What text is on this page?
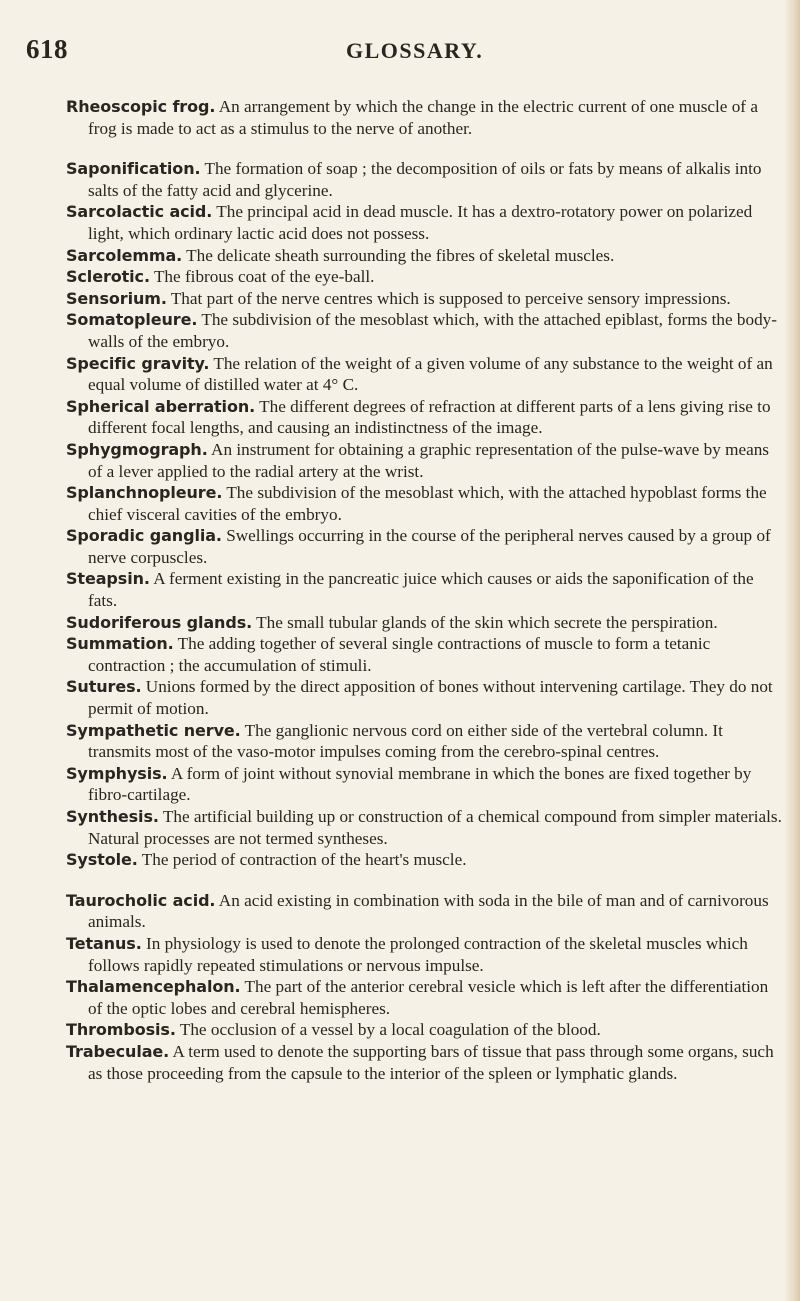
618	GLOSSARY.

Rheoscopic frog. An arrangement by which the change in the electric current of one muscle of a frog is made to act as a stimulus to the nerve of another.

Saponification. The formation of soap ; the decomposition of oils or fats by means of alkalis into salts of the fatty acid and glycerine.

Sarcolactic acid. The principal acid in dead muscle. It has a dextro-rotatory power on polarized light, which ordinary lactic acid does not possess.

Sarcolemma. The delicate sheath surrounding the fibres of skeletal muscles.

Sclerotic. The fibrous coat of the eye-ball.

Sensorium. That part of the nerve centres which is supposed to perceive sensory impressions.

Somatopleure. The subdivision of the mesoblast which, with the attached epiblast, forms the body-walls of the embryo.

Specific gravity. The relation of the weight of a given volume of any substance to the weight of an equal volume of distilled water at 4° C.

Spherical aberration. The different degrees of refraction at different parts of a lens giving rise to different focal lengths, and causing an indistinctness of the image.

Sphygmograph. An instrument for obtaining a graphic representation of the pulse-wave by means of a lever applied to the radial artery at the wrist.

Splanchnopleure. The subdivision of the mesoblast which, with the attached hypoblast forms the chief visceral cavities of the embryo.

Sporadic ganglia. Swellings occurring in the course of the peripheral nerves caused by a group of nerve corpuscles.

Steapsin. A ferment existing in the pancreatic juice which causes or aids the saponification of the fats.

Sudoriferous glands. The small tubular glands of the skin which secrete the perspiration.

Summation. The adding together of several single contractions of muscle to form a tetanic contraction ; the accumulation of stimuli.

Sutures. Unions formed by the direct apposition of bones without intervening cartilage. They do not permit of motion.

Sympathetic nerve. The ganglionic nervous cord on either side of the vertebral column. It transmits most of the vaso-motor impulses coming from the cerebro-spinal centres.

Symphysis. A form of joint without synovial membrane in which the bones are fixed together by fibro-cartilage.

Synthesis. The artificial building up or construction of a chemical compound from simpler materials. Natural processes are not termed syntheses.

Systole. The period of contraction of the heart's muscle.

Taurocholic acid. An acid existing in combination with soda in the bile of man and of carnivorous animals.

Tetanus. In physiology is used to denote the prolonged contraction of the skeletal muscles which follows rapidly repeated stimulations or nervous impulse.

Thalamencephalon. The part of the anterior cerebral vesicle which is left after the differentiation of the optic lobes and cerebral hemispheres.

Thrombosis. The occlusion of a vessel by a local coagulation of the blood.

Trabeculae. A term used to denote the supporting bars of tissue that pass through some organs, such as those proceeding from the capsule to the interior of the spleen or lymphatic glands.
